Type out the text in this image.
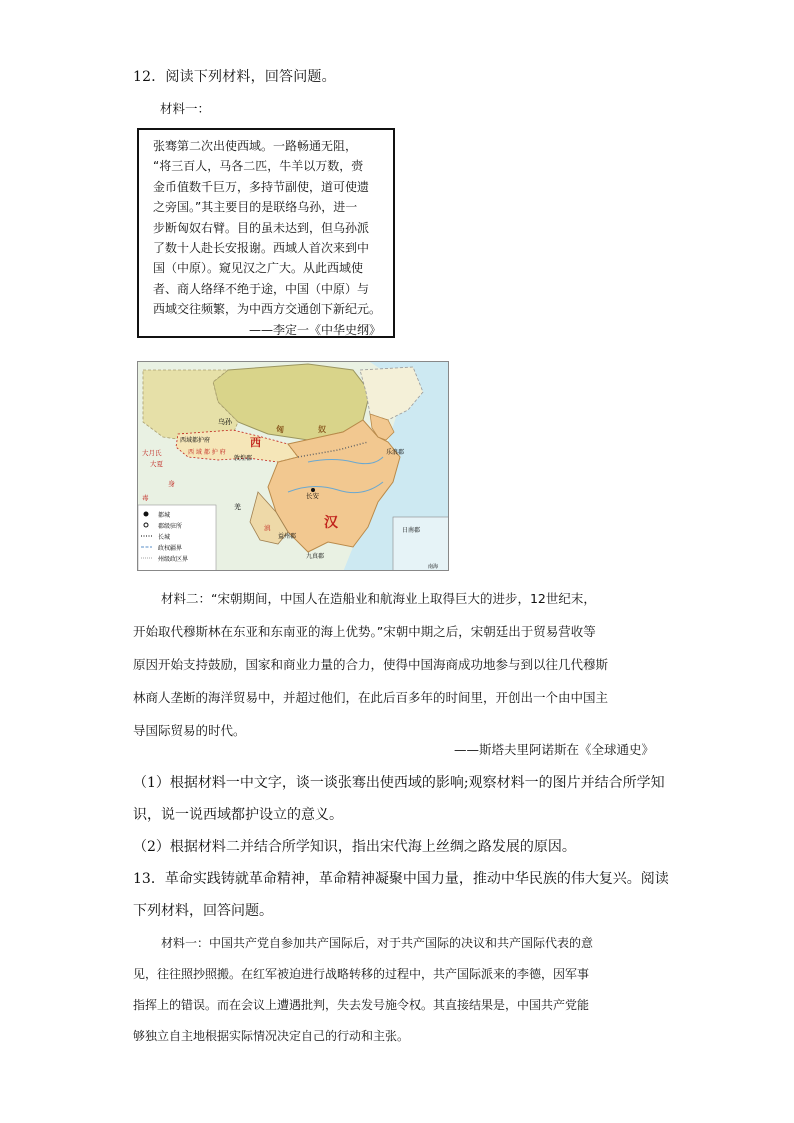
12．阅读下列材料，回答问题。
材料一：
张骞第二次出使西域。一路畅通无阻，
“将三百人，马各二匹，牛羊以万数，赍
金币值数千巨万，多持节副使，道可使遗
之旁国。”其主要目的是联络乌孙，进一
步断匈奴右臂。目的虽未达到，但乌孙派
了数十人赴长安报谢。西域人首次来到中
国（中原）。窥见汉之广大。从此西域使
者、商人络绎不绝于途，中国（中原）与
西域交往频繁，为中西方交通创下新纪元。
——李定一《中华史纲》
都城
郡级驻所
长城
政权疆界
州级政区界
匈	奴
乌孙
西
西域都护府
西 域 都 护 府
敦煌郡
大月氏
大夏
身
长安
汉
羌
乐浪郡
益州郡
九真郡
滇
毒
日南郡
南海
材料二：“宋朝期间，中国人在造船业和航海业上取得巨大的进步，12世纪末，
开始取代穆斯林在东亚和东南亚的海上优势。”宋朝中期之后，宋朝廷出于贸易营收等
原因开始支持鼓励，国家和商业力量的合力，使得中国海商成功地参与到以往几代穆斯
林商人垄断的海洋贸易中，并超过他们，在此后百多年的时间里，开创出一个由中国主
导国际贸易的时代。
——斯塔夫里阿诺斯在《全球通史》
（1）根据材料一中文字，谈一谈张骞出使西域的影响;观察材料一的图片并结合所学知
识，说一说西域都护设立的意义。
（2）根据材料二并结合所学知识，指出宋代海上丝绸之路发展的原因。
13．革命实践铸就革命精神，革命精神凝聚中国力量，推动中华民族的伟大复兴。阅读
下列材料，回答问题。
材料一：中国共产党自参加共产国际后，对于共产国际的决议和共产国际代表的意
见，往往照抄照搬。在红军被迫进行战略转移的过程中，共产国际派来的李德，因军事
指挥上的错误。而在会议上遭遇批判，失去发号施令权。其直接结果是，中国共产党能
够独立自主地根据实际情况决定自己的行动和主张。
